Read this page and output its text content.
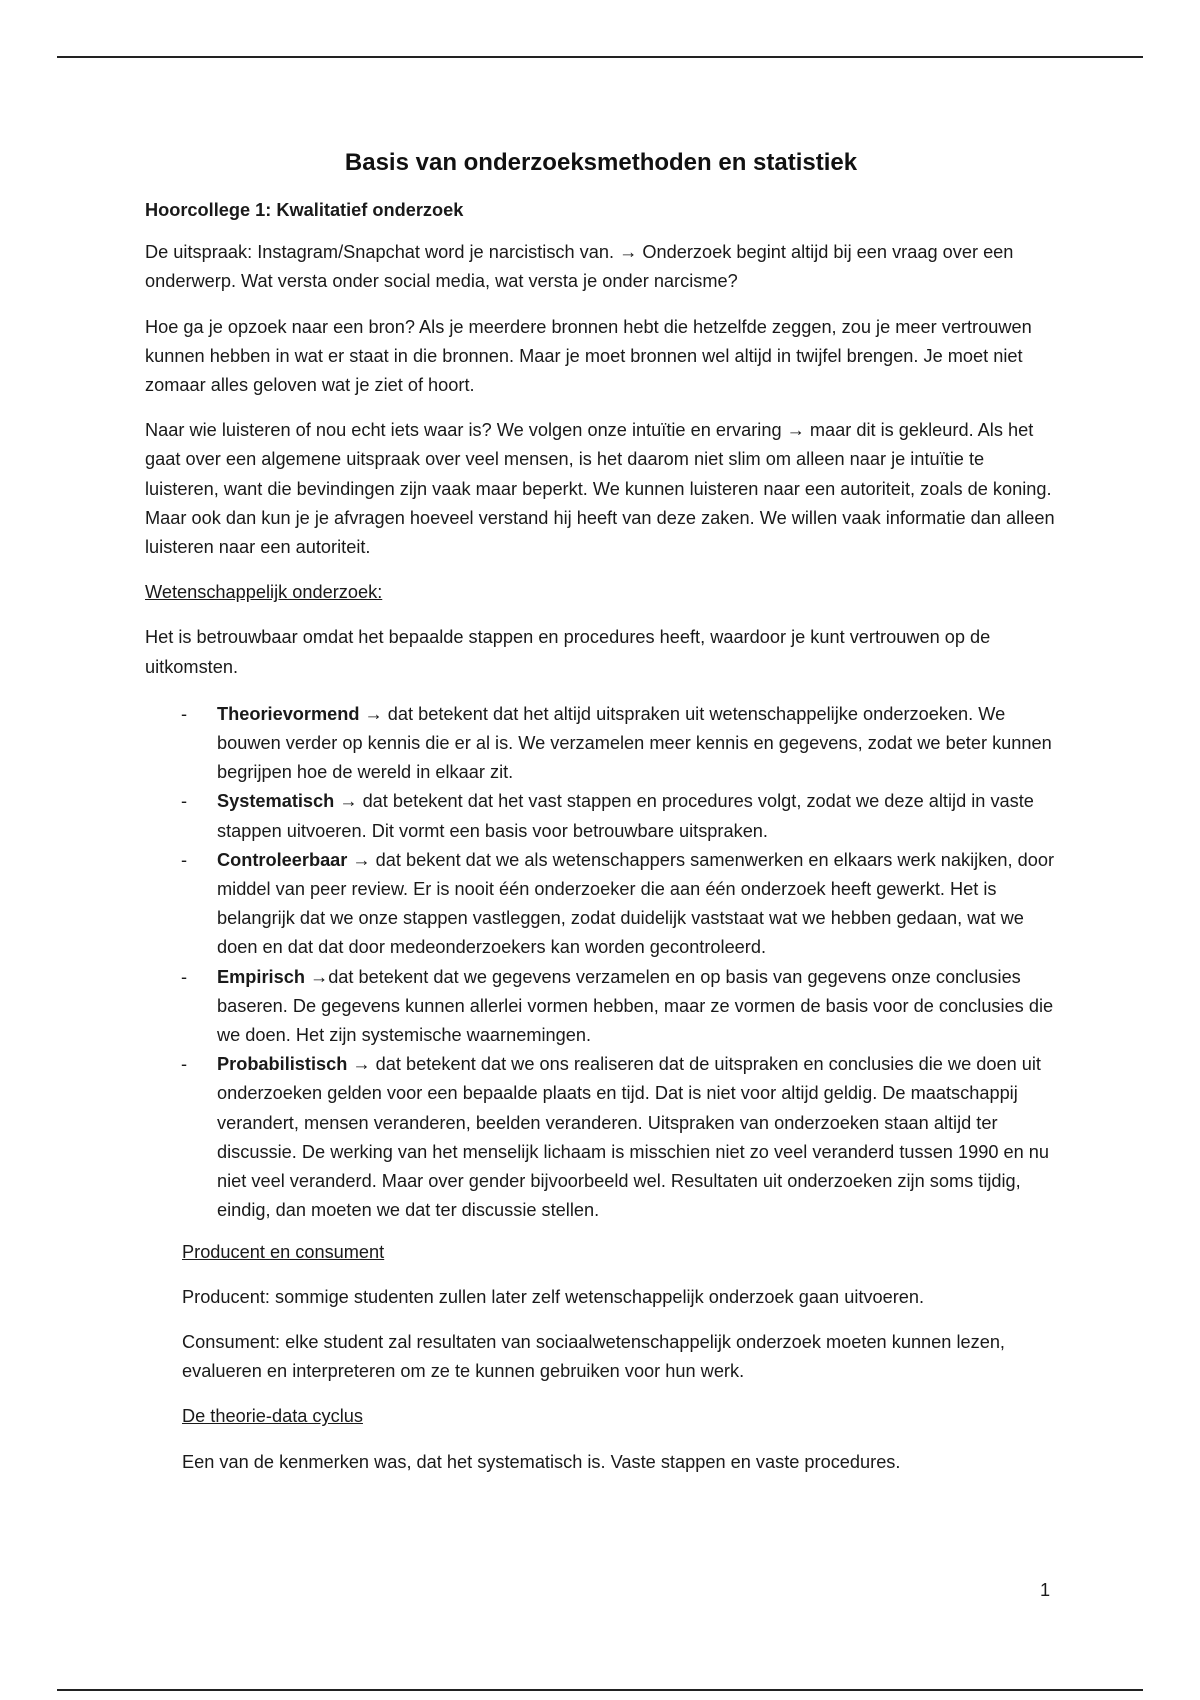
Basis van onderzoeksmethoden en statistiek
Hoorcollege 1: Kwalitatief onderzoek

De uitspraak: Instagram/Snapchat word je narcistisch van. → Onderzoek begint altijd bij een vraag over een onderwerp. Wat versta onder social media, wat versta je onder narcisme?

Hoe ga je opzoek naar een bron? Als je meerdere bronnen hebt die hetzelfde zeggen, zou je meer vertrouwen kunnen hebben in wat er staat in die bronnen. Maar je moet bronnen wel altijd in twijfel brengen. Je moet niet zomaar alles geloven wat je ziet of hoort.

Naar wie luisteren of nou echt iets waar is? We volgen onze intuïtie en ervaring → maar dit is gekleurd. Als het gaat over een algemene uitspraak over veel mensen, is het daarom niet slim om alleen naar je intuïtie te luisteren, want die bevindingen zijn vaak maar beperkt. We kunnen luisteren naar een autoriteit, zoals de koning. Maar ook dan kun je je afvragen hoeveel verstand hij heeft van deze zaken. We willen vaak informatie dan alleen luisteren naar een autoriteit.

Wetenschappelijk onderzoek:

Het is betrouwbaar omdat het bepaalde stappen en procedures heeft, waardoor je kunt vertrouwen op de uitkomsten.

- Theorievormend → dat betekent dat het altijd uitspraken uit wetenschappelijke onderzoeken. We bouwen verder op kennis die er al is. We verzamelen meer kennis en gegevens, zodat we beter kunnen begrijpen hoe de wereld in elkaar zit.
- Systematisch → dat betekent dat het vast stappen en procedures volgt, zodat we deze altijd in vaste stappen uitvoeren. Dit vormt een basis voor betrouwbare uitspraken.
- Controleerbaar → dat bekent dat we als wetenschappers samenwerken en elkaars werk nakijken, door middel van peer review. Er is nooit één onderzoeker die aan één onderzoek heeft gewerkt. Het is belangrijk dat we onze stappen vastleggen, zodat duidelijk vaststaat wat we hebben gedaan, wat we doen en dat dat door medeonderzoekers kan worden gecontroleerd.
- Empirisch →dat betekent dat we gegevens verzamelen en op basis van gegevens onze conclusies baseren. De gegevens kunnen allerlei vormen hebben, maar ze vormen de basis voor de conclusies die we doen. Het zijn systemische waarnemingen.
- Probabilistisch → dat betekent dat we ons realiseren dat de uitspraken en conclusies die we doen uit onderzoeken gelden voor een bepaalde plaats en tijd. Dat is niet voor altijd geldig. De maatschappij verandert, mensen veranderen, beelden veranderen. Uitspraken van onderzoeken staan altijd ter discussie. De werking van het menselijk lichaam is misschien niet zo veel veranderd tussen 1990 en nu niet veel veranderd. Maar over gender bijvoorbeeld wel. Resultaten uit onderzoeken zijn soms tijdig, eindig, dan moeten we dat ter discussie stellen.
Producent en consument

Producent: sommige studenten zullen later zelf wetenschappelijk onderzoek gaan uitvoeren.

Consument: elke student zal resultaten van sociaalwetenschappelijk onderzoek moeten kunnen lezen, evalueren en interpreteren om ze te kunnen gebruiken voor hun werk.

De theorie-data cyclus

Een van de kenmerken was, dat het systematisch is. Vaste stappen en vaste procedures.

1
